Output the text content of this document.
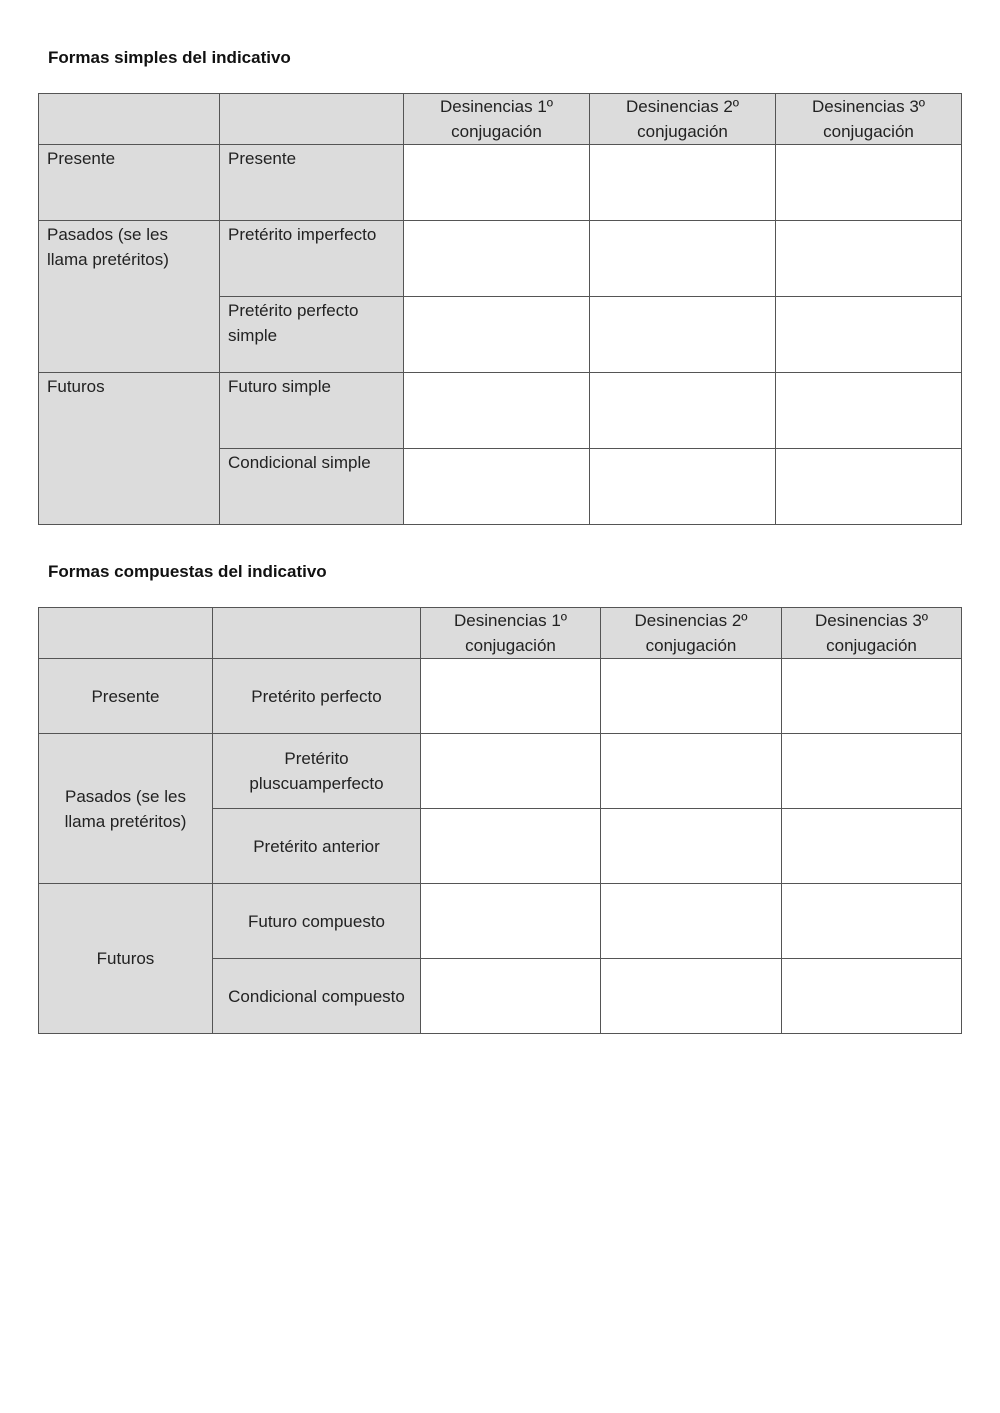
Formas simples del indicativo
		Desinencias 1º conjugación	Desinencias 2º conjugación	Desinencias 3º conjugación
Presente	Presente			
Pasados (se les llama pretéritos)	Pretérito imperfecto			
	Pretérito perfecto simple			
Futuros	Futuro simple			
	Condicional simple			
Formas compuestas del indicativo
		Desinencias 1º conjugación	Desinencias 2º conjugación	Desinencias 3º conjugación
Presente	Pretérito perfecto			
Pasados (se les llama pretéritos)	Pretérito pluscuamperfecto			
	Pretérito anterior			
Futuros	Futuro compuesto			
	Condicional compuesto			
